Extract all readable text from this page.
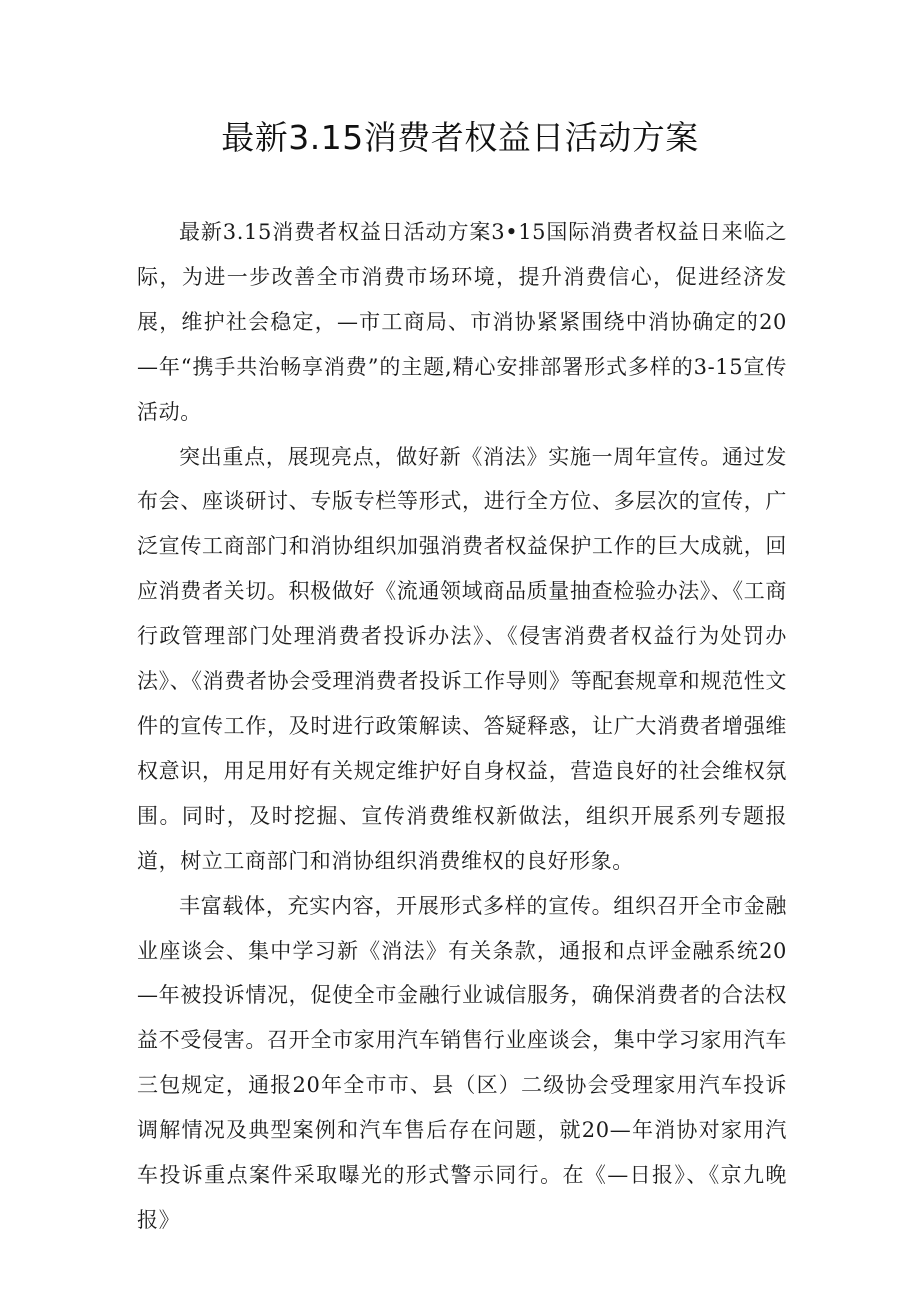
最新3.15消费者权益日活动方案

最新3.15消费者权益日活动方案3•15国际消费者权益日来临之际，为进一步改善全市消费市场环境，提升消费信心，促进经济发展，维护社会稳定，—市工商局、市消协紧紧围绕中消协确定的20—年“携手共治畅享消费”的主题,精心安排部署形式多样的3-15宣传活动。

突出重点，展现亮点，做好新《消法》实施一周年宣传。通过发布会、座谈研讨、专版专栏等形式，进行全方位、多层次的宣传，广泛宣传工商部门和消协组织加强消费者权益保护工作的巨大成就，回应消费者关切。积极做好《流通领域商品质量抽查检验办法》、《工商行政管理部门处理消费者投诉办法》、《侵害消费者权益行为处罚办法》、《消费者协会受理消费者投诉工作导则》等配套规章和规范性文件的宣传工作，及时进行政策解读、答疑释惑，让广大消费者增强维权意识，用足用好有关规定维护好自身权益，营造良好的社会维权氛围。同时，及时挖掘、宣传消费维权新做法，组织开展系列专题报道，树立工商部门和消协组织消费维权的良好形象。

丰富载体，充实内容，开展形式多样的宣传。组织召开全市金融业座谈会、集中学习新《消法》有关条款，通报和点评金融系统20—年被投诉情况，促使全市金融行业诚信服务，确保消费者的合法权益不受侵害。召开全市家用汽车销售行业座谈会，集中学习家用汽车三包规定，通报20年全市市、县（区）二级协会受理家用汽车投诉调解情况及典型案例和汽车售后存在问题，就20—年消协对家用汽车投诉重点案件采取曝光的形式警示同行。在《—日报》、《京九晚报》
